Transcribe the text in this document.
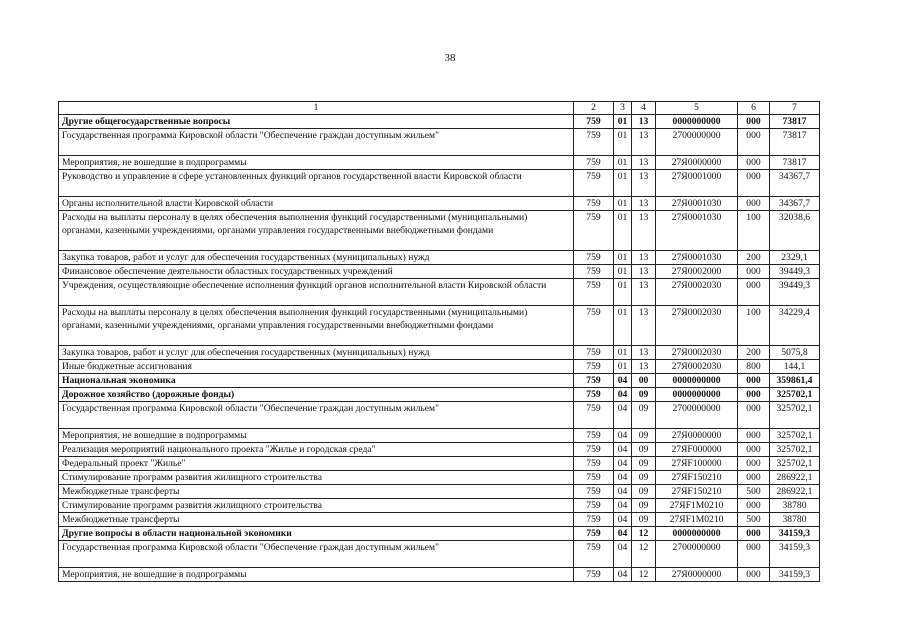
38
1	2	3	4	5	6	7
Другие общегосударственные вопросы	759	01	13	0000000000	000	73817
Государственная программа Кировской области "Обеспечение граждан доступным жильем"	759	01	13	2700000000	000	73817
Мероприятия, не вошедшие в подпрограммы	759	01	13	27Я0000000	000	73817
Руководство и управление в сфере установленных функций органов государственной власти Кировской области	759	01	13	27Я0001000	000	34367,7
Органы исполнительной власти Кировской области	759	01	13	27Я0001030	000	34367,7
Расходы на выплаты персоналу в целях обеспечения выполнения функций государственными (муниципальными) органами, казенными учреждениями, органами управления государственными внебюджетными фондами	759	01	13	27Я0001030	100	32038,6
Закупка товаров, работ и услуг для обеспечения государственных (муниципальных) нужд	759	01	13	27Я0001030	200	2329,1
Финансовое обеспечение деятельности областных государственных учреждений	759	01	13	27Я0002000	000	39449,3
Учреждения, осуществляющие обеспечение исполнения функций органов исполнительной власти Кировской области	759	01	13	27Я0002030	000	39449,3
Расходы на выплаты персоналу в целях обеспечения выполнения функций государственными (муниципальными) органами, казенными учреждениями, органами управления государственными внебюджетными фондами	759	01	13	27Я0002030	100	34229,4
Закупка товаров, работ и услуг для обеспечения государственных (муниципальных) нужд	759	01	13	27Я0002030	200	5075,8
Иные бюджетные ассигнования	759	01	13	27Я0002030	800	144,1
Национальная экономика	759	04	00	0000000000	000	359861,4
Дорожное хозяйство (дорожные фонды)	759	04	09	0000000000	000	325702,1
Государственная программа Кировской области "Обеспечение граждан доступным жильем"	759	04	09	2700000000	000	325702,1
Мероприятия, не вошедшие в подпрограммы	759	04	09	27Я0000000	000	325702,1
Реализация мероприятий национального проекта "Жилье и городская среда"	759	04	09	27ЯF000000	000	325702,1
Федеральный проект "Жилье"	759	04	09	27ЯF100000	000	325702,1
Стимулирование программ развития жилищного строительства	759	04	09	27ЯF150210	000	286922,1
Межбюджетные трансферты	759	04	09	27ЯF150210	500	286922,1
Стимулирование программ развития жилищного строительства	759	04	09	27ЯF1M0210	000	38780
Межбюджетные трансферты	759	04	09	27ЯF1M0210	500	38780
Другие вопросы в области национальной экономики	759	04	12	0000000000	000	34159,3
Государственная программа Кировской области "Обеспечение граждан доступным жильем"	759	04	12	2700000000	000	34159,3
Мероприятия, не вошедшие в подпрограммы	759	04	12	27Я0000000	000	34159,3
